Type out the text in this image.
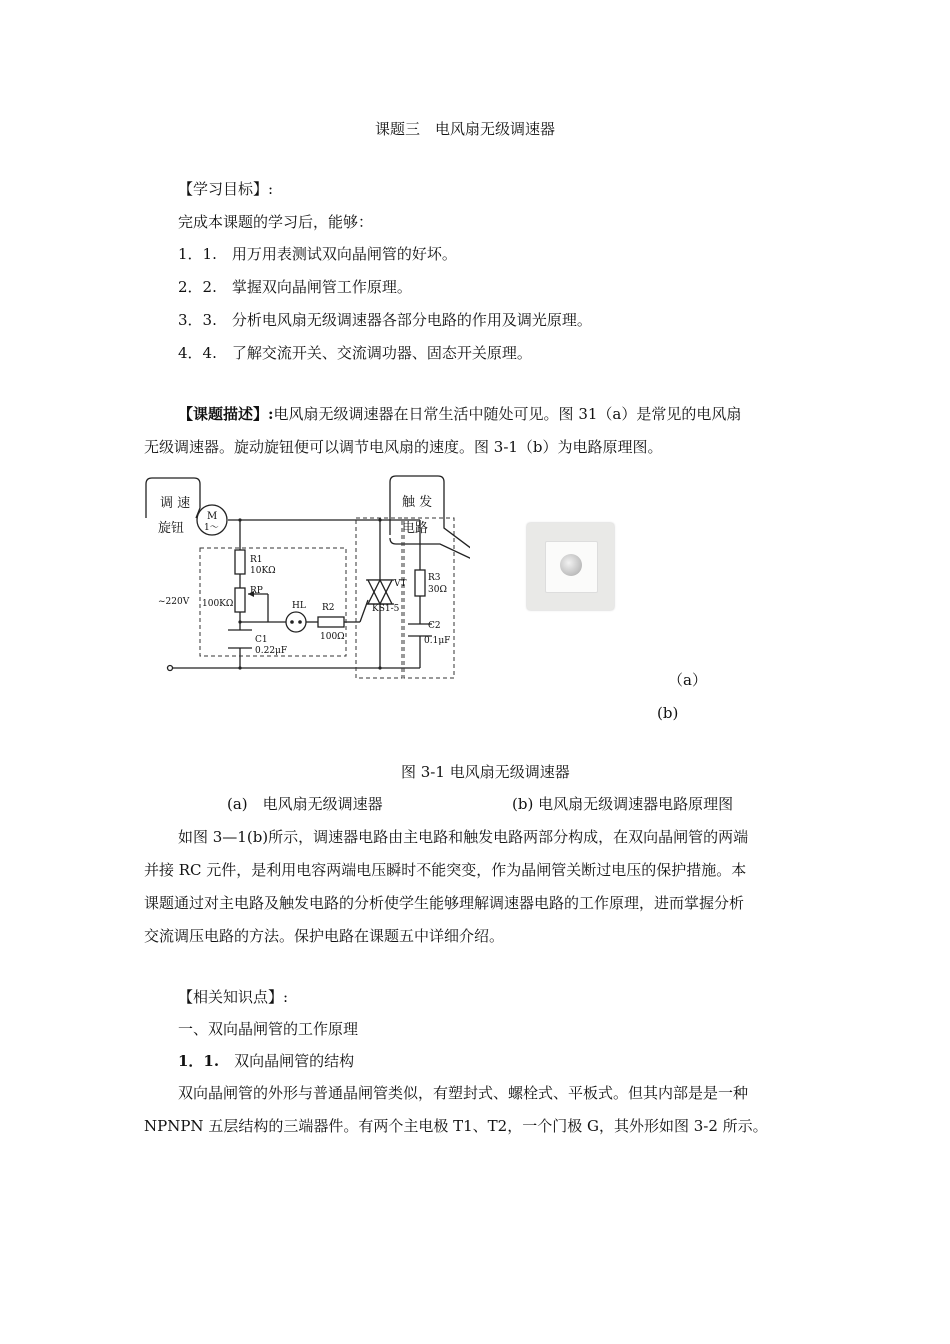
课题三　电风扇无级调速器
【学习目标】:
完成本课题的学习后，能够：
1．1.　用万用表测试双向晶闸管的好坏。
2．2.　掌握双向晶闸管工作原理。
3．3.　分析电风扇无级调速器各部分电路的作用及调光原理。
4．4.　了解交流开关、交流调功器、固态开关原理。
【课题描述】:电风扇无级调速器在日常生活中随处可见。图 31（a）是常见的电风扇
无级调速器。旋动旋钮便可以调节电风扇的速度。图 3-1（b）为电路原理图。
调 速
旋钮
触 发
电路
M
1～
R1
10KΩ
RP
100KΩ
~220V
C1
0.22μF
HL R2
100Ω
VT
KS1-5
R3
30Ω
C2
0.1μF
（a）
(b)
图 3-1 电风扇无级调速器
(a)　电风扇无级调速器	(b) 电风扇无级调速器电路原理图
如图 3—1(b)所示，调速器电路由主电路和触发电路两部分构成，在双向晶闸管的两端
并接 RC 元件，是利用电容两端电压瞬时不能突变，作为晶闸管关断过电压的保护措施。本
课题通过对主电路及触发电路的分析使学生能够理解调速器电路的工作原理，进而掌握分析
交流调压电路的方法。保护电路在课题五中详细介绍。
【相关知识点】:
一、双向晶闸管的工作原理
1．1.　 双向晶闸管的结构
双向晶闸管的外形与普通晶闸管类似，有塑封式、螺栓式、平板式。但其内部是是一种
NPNPN 五层结构的三端器件。有两个主电极 T1、T2，一个门极 G，其外形如图 3-2 所示。
